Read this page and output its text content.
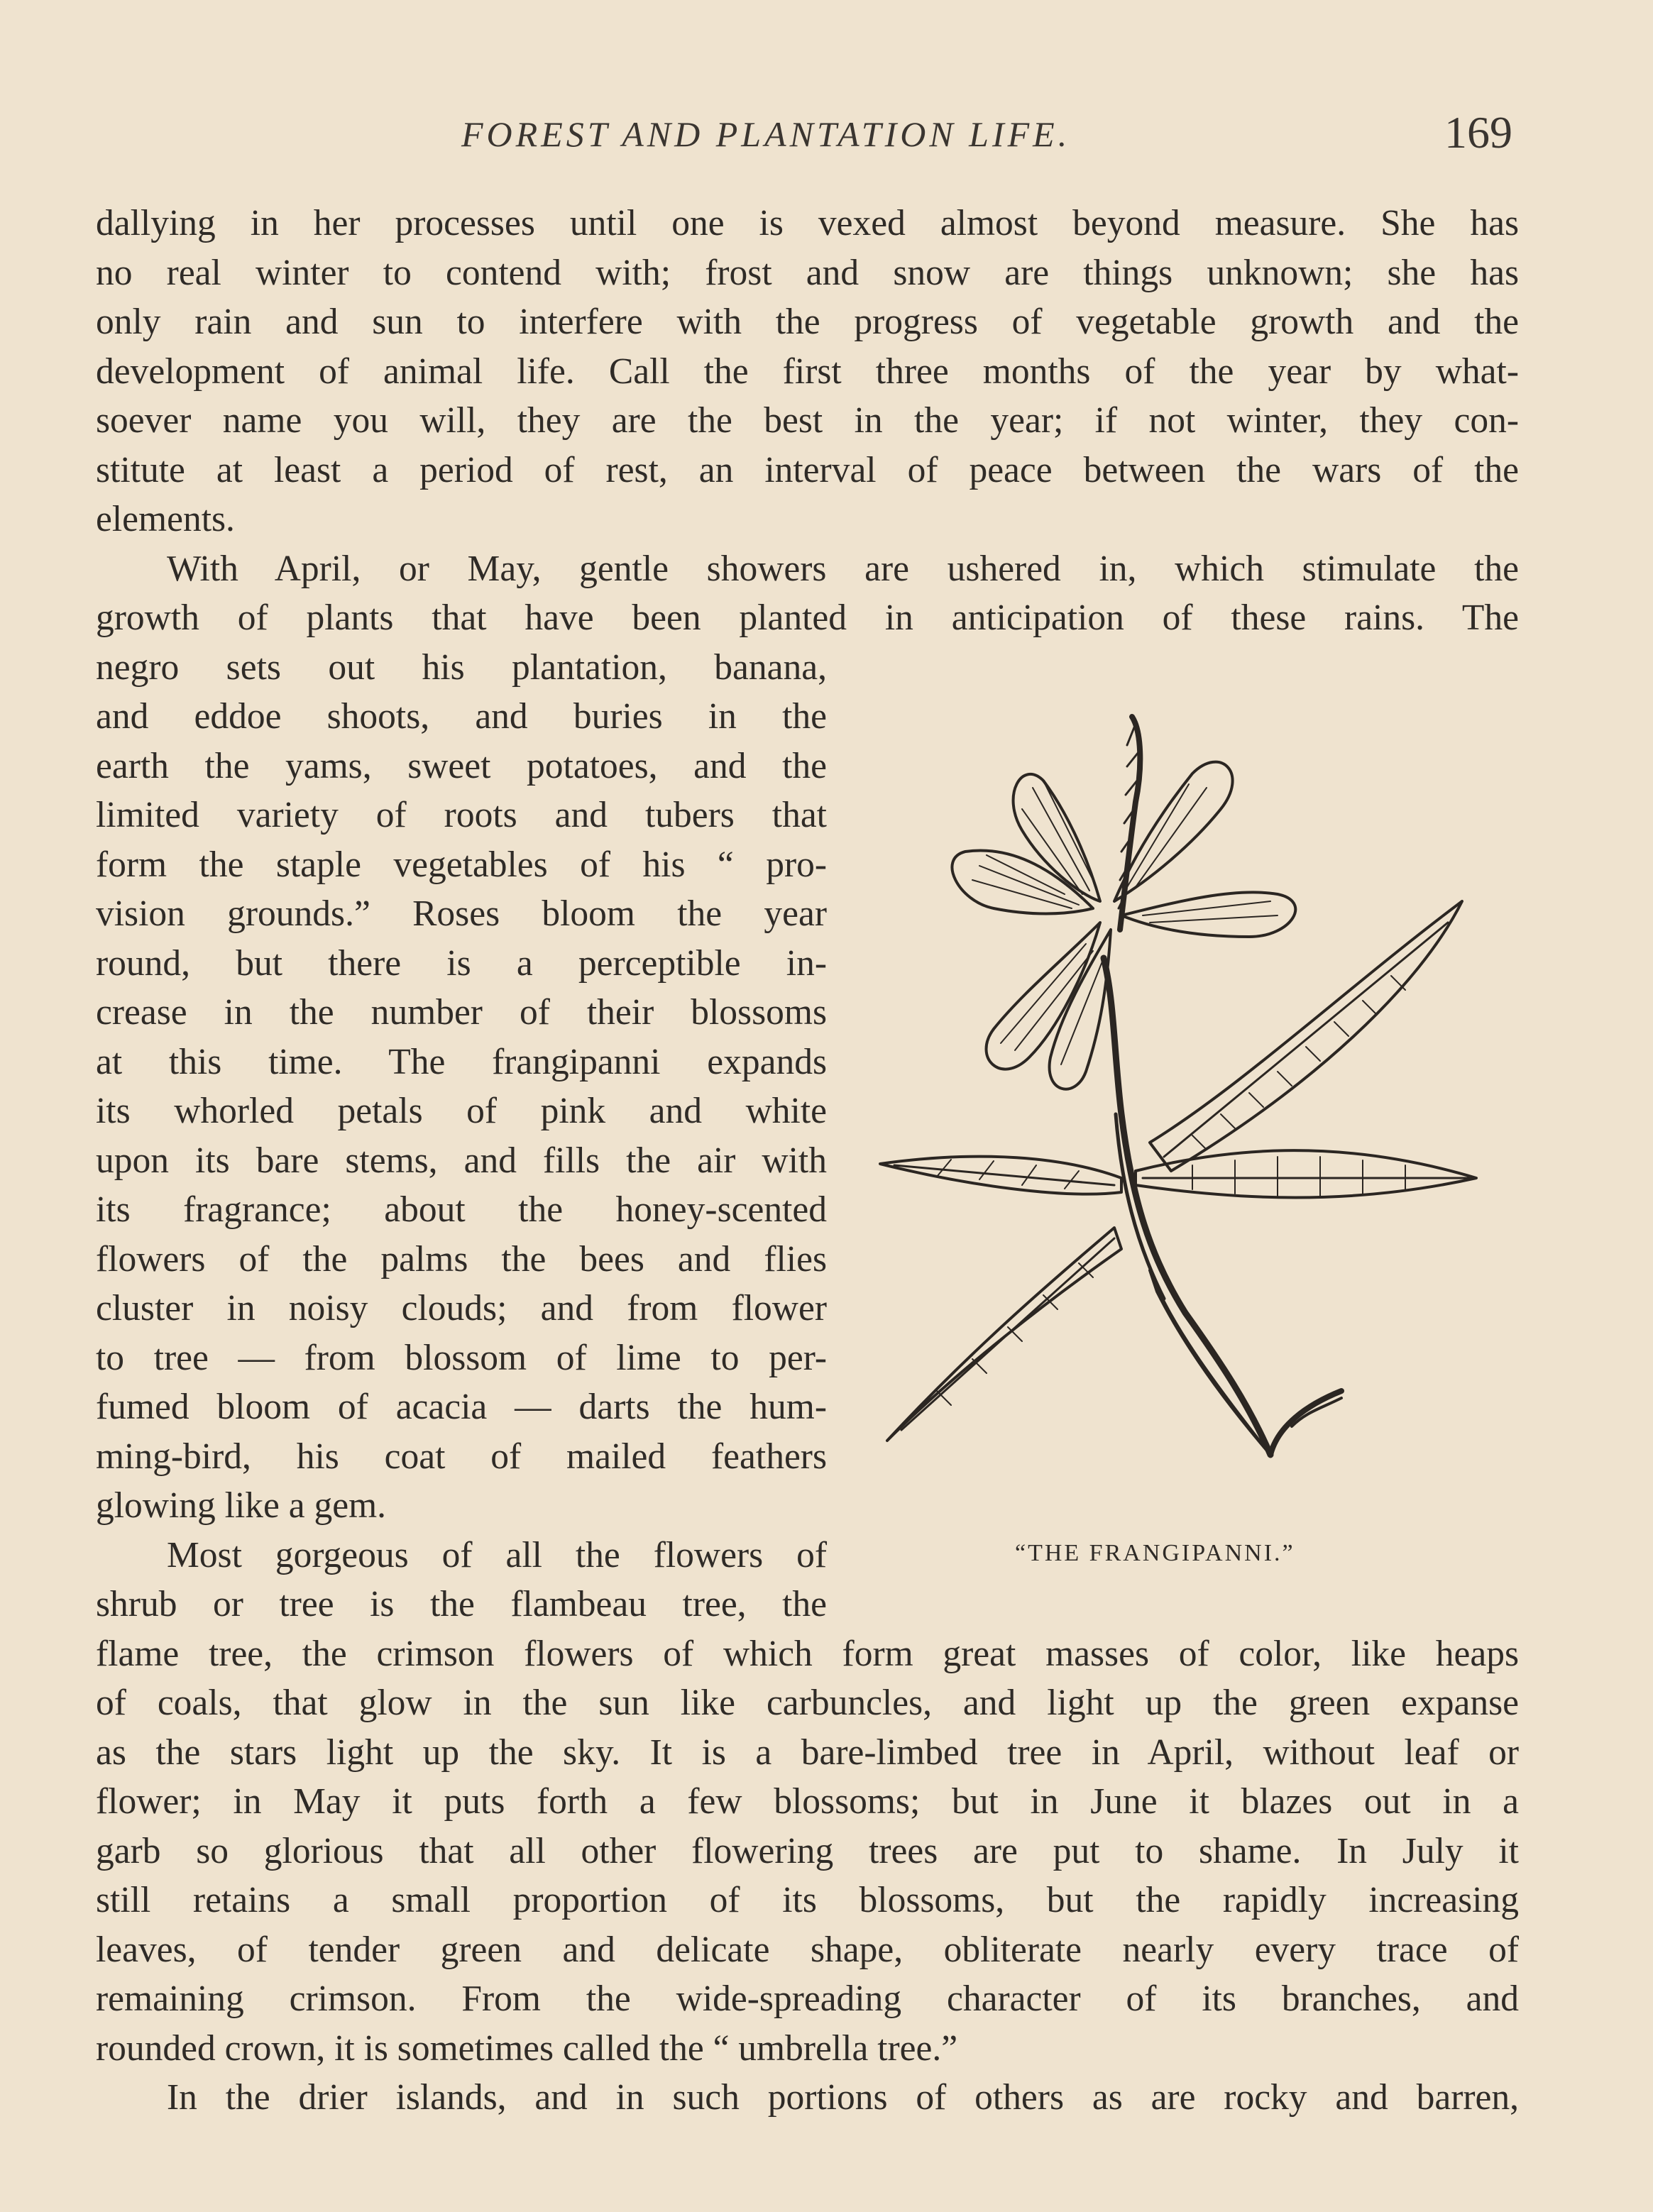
FOREST AND PLANTATION LIFE.	169
dallying in her processes until one is vexed almost beyond measure. She has
no real winter to contend with; frost and snow are things unknown; she has
only rain and sun to interfere with the progress of vegetable growth and the
development of animal life. Call the first three months of the year by what-
soever name you will, they are the best in the year; if not winter, they con-
stitute at least a period of rest, an interval of peace between the wars of the
elements.
With April, or May, gentle showers are ushered in, which stimulate the
growth of plants that have been planted in anticipation of these rains. The
negro sets out his plantation, banana,
and eddoe shoots, and buries in the
earth the yams, sweet potatoes, and the
limited variety of roots and tubers that
form the staple vegetables of his “ pro-
vision grounds.” Roses bloom the year
round, but there is a perceptible in-
crease in the number of their blossoms
at this time. The frangipanni expands
its whorled petals of pink and white
upon its bare stems, and fills the air with
its fragrance; about the honey-scented
flowers of the palms the bees and flies
cluster in noisy clouds; and from flower
to tree — from blossom of lime to per-
fumed bloom of acacia — darts the hum-
ming-bird, his coat of mailed feathers
glowing like a gem.
Most gorgeous of all the flowers of
shrub or tree is the flambeau tree, the
flame tree, the crimson flowers of which form great masses of color, like heaps
of coals, that glow in the sun like carbuncles, and light up the green expanse
as the stars light up the sky. It is a bare-limbed tree in April, without leaf or
flower; in May it puts forth a few blossoms; but in June it blazes out in a
garb so glorious that all other flowering trees are put to shame. In July it
still retains a small proportion of its blossoms, but the rapidly increasing
leaves, of tender green and delicate shape, obliterate nearly every trace of
remaining crimson. From the wide-spreading character of its branches, and
rounded crown, it is sometimes called the “ umbrella tree.”
In the drier islands, and in such portions of others as are rocky and barren,
“THE FRANGIPANNI.”
